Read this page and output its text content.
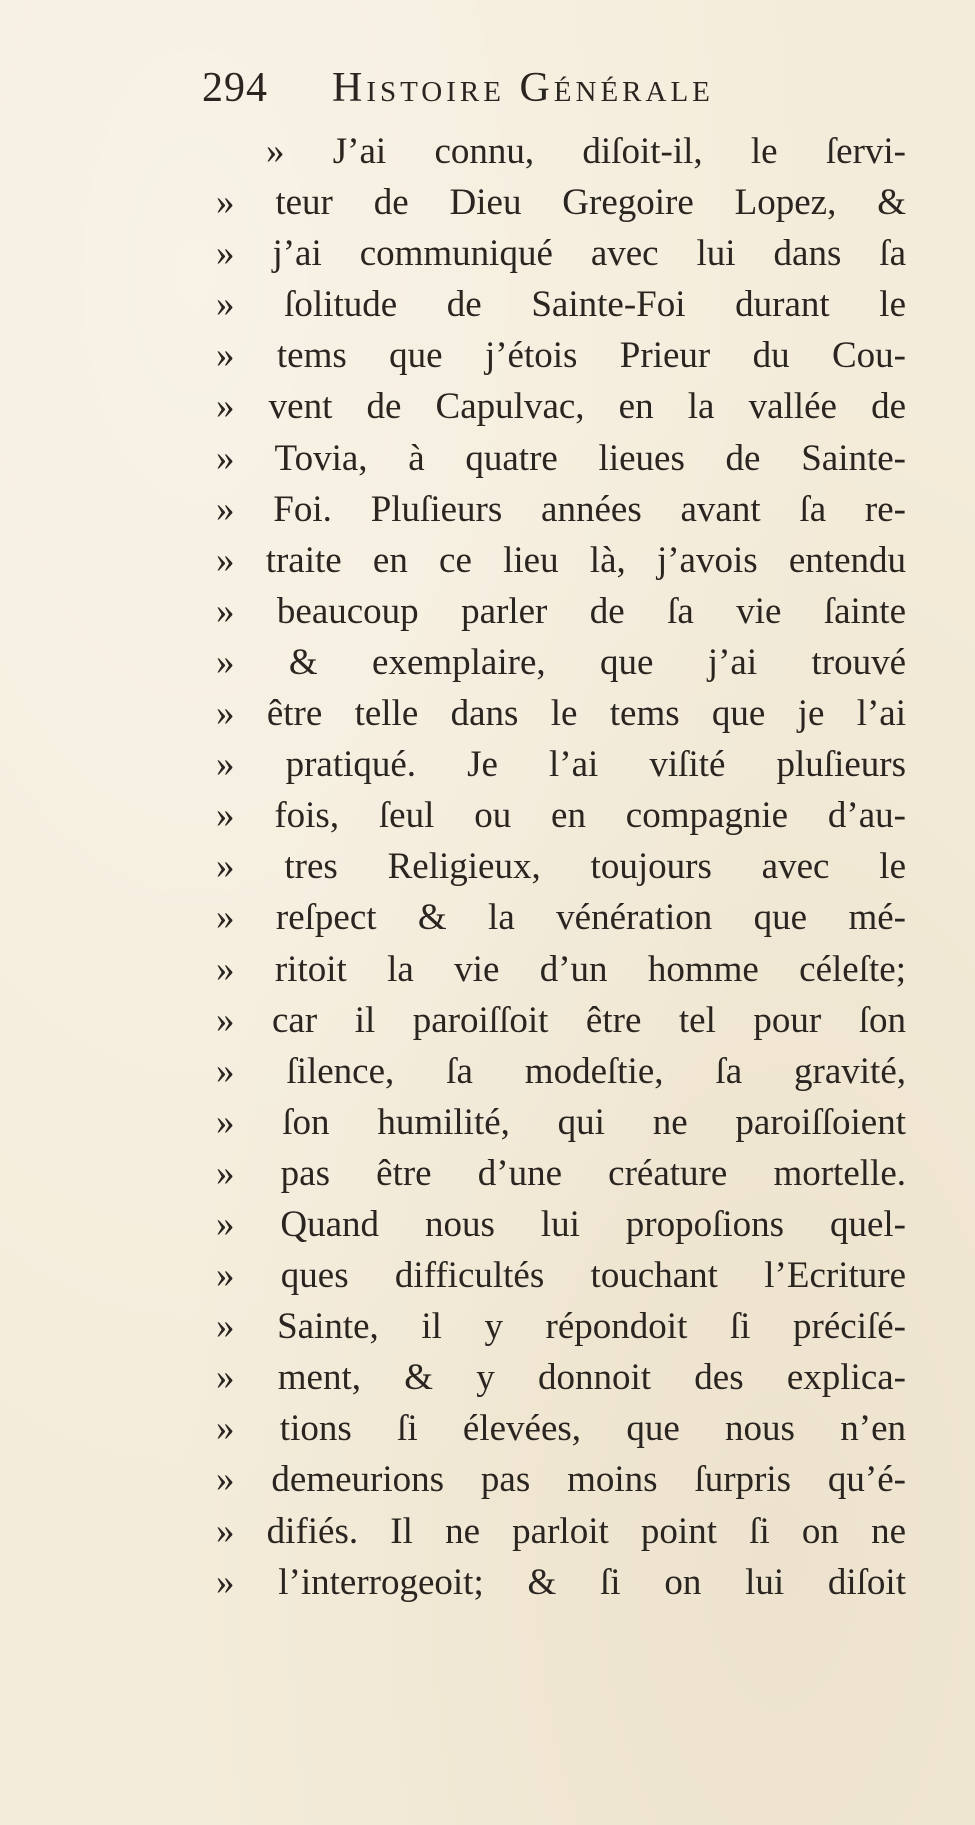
294 Histoire Générale
» J’ai connu, diſoit-il, le ſervi-
» teur de Dieu Gregoire Lopez, &
» j’ai communiqué avec lui dans ſa
» ſolitude de Sainte-Foi durant le
» tems que j’étois Prieur du Cou-
» vent de Capulvac, en la vallée de
» Tovia, à quatre lieues de Sainte-
» Foi. Pluſieurs années avant ſa re-
» traite en ce lieu là, j’avois entendu
» beaucoup parler de ſa vie ſainte
» & exemplaire, que j’ai trouvé
» être telle dans le tems que je l’ai
» pratiqué. Je l’ai viſité pluſieurs
» fois, ſeul ou en compagnie d’au-
» tres Religieux, toujours avec le
» reſpect & la vénération que mé-
» ritoit la vie d’un homme céleſte;
» car il paroiſſoit être tel pour ſon
» ſilence, ſa modeſtie, ſa gravité,
» ſon humilité, qui ne paroiſſoient
» pas être d’une créature mortelle.
» Quand nous lui propoſions quel-
» ques difficultés touchant l’Ecriture
» Sainte, il y répondoit ſi préciſé-
» ment, & y donnoit des explica-
» tions ſi élevées, que nous n’en
» demeurions pas moins ſurpris qu’é-
» difiés. Il ne parloit point ſi on ne
» l’interrogeoit; & ſi on lui diſoit
